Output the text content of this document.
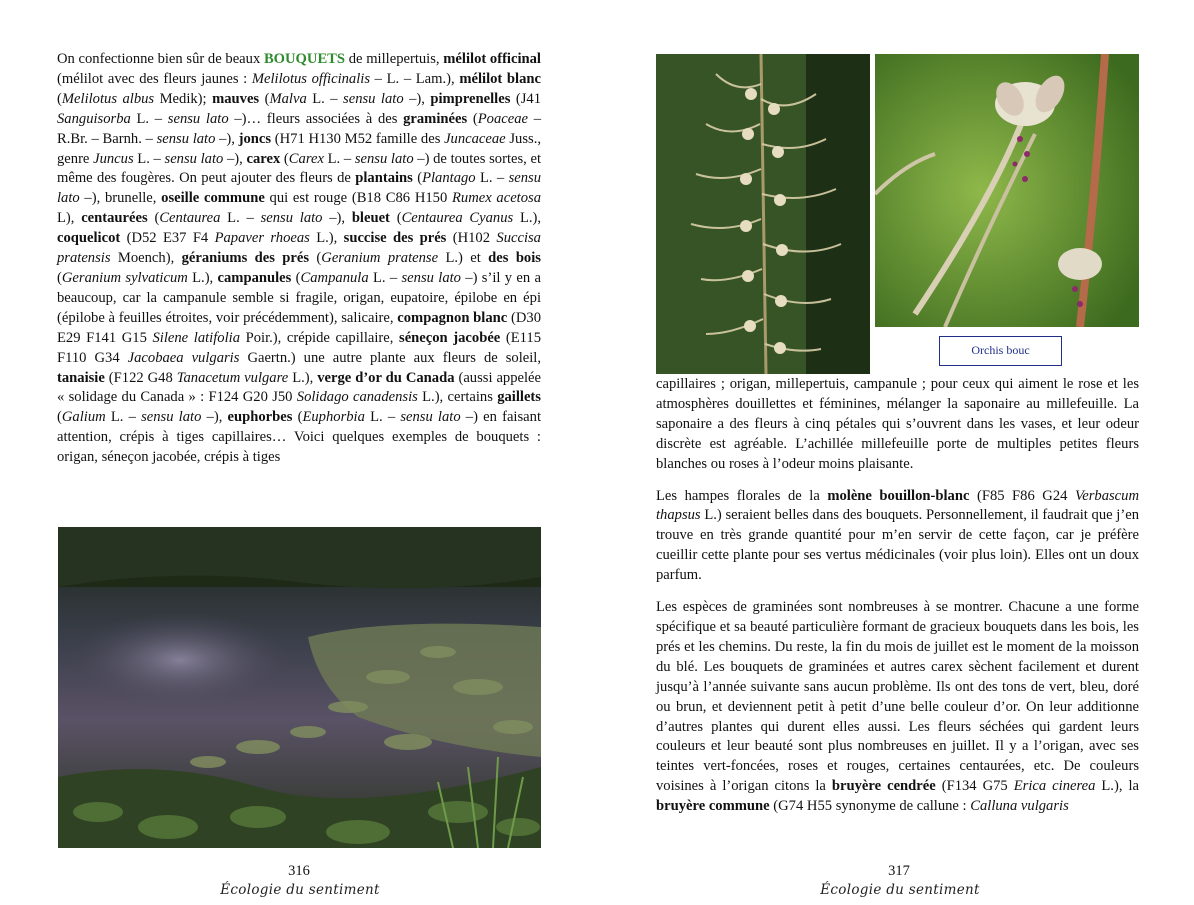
On confectionne bien sûr de beaux BOUQUETS de millepertuis, mélilot officinal (mélilot avec des fleurs jaunes : Melilotus officinalis – L. – Lam.), mélilot blanc (Melilotus albus Medik); mauves (Malva L. – sensu lato –), pimprenelles (J41 Sanguisorba L. – sensu lato –)… fleurs associées à des graminées (Poaceae – R.Br. – Barnh. – sensu lato –), joncs (H71 H130 M52 famille des Juncaceae Juss., genre Juncus L. – sensu lato –), carex (Carex L. – sensu lato –) de toutes sortes, et même des fougères. On peut ajouter des fleurs de plantains (Plantago L. – sensu lato –), brunelle, oseille commune qui est rouge (B18 C86 H150 Rumex acetosa L), centaurées (Centaurea L. – sensu lato –), bleuet (Centaurea Cyanus L.), coquelicot (D52 E37 F4 Papaver rhoeas L.), succise des prés (H102 Succisa pratensis Moench), géraniums des prés (Geranium pratense L.) et des bois (Geranium sylvaticum L.), campanules (Campanula L. – sensu lato –) s’il y en a beaucoup, car la campanule semble si fragile, origan, eupatoire, épilobe en épi (épilobe à feuilles étroites, voir précédemment), salicaire, compagnon blanc (D30 E29 F141 G15 Silene latifolia Poir.), crépide capillaire, séneçon jacobée (E115 F110 G34 Jacobaea vulgaris Gaertn.) une autre plante aux fleurs de soleil, tanaisie (F122 G48 Tanacetum vulgare L.), verge d’or du Canada (aussi appelée « solidage du Canada » : F124 G20 J50 Solidago canadensis L.), certains gaillets (Galium L. – sensu lato –), euphorbes (Euphorbia L. – sensu lato –) en faisant attention, crépis à tiges capillaires… Voici quelques exemples de bouquets : origan, séneçon jacobée, crépis à tiges

316
Écologie du sentiment
Orchis bouc

capillaires ; origan, millepertuis, campanule ; pour ceux qui aiment le rose et les atmosphères douillettes et féminines, mélanger la saponaire au millefeuille. La saponaire a des fleurs à cinq pétales qui s’ouvrent dans les vases, et leur odeur discrète est agréable. L’achillée millefeuille porte de multiples petites fleurs blanches ou roses à l’odeur moins plaisante.

Les hampes florales de la molène bouillon-blanc (F85 F86 G24 Verbascum thapsus L.) seraient belles dans des bouquets. Personnellement, il faudrait que j’en trouve en très grande quantité pour m’en servir de cette façon, car je préfère cueillir cette plante pour ses vertus médicinales (voir plus loin). Elles ont un doux parfum.

Les espèces de graminées sont nombreuses à se montrer. Chacune a une forme spécifique et sa beauté particulière formant de gracieux bouquets dans les bois, les prés et les chemins. Du reste, la fin du mois de juillet est le moment de la moisson du blé. Les bouquets de graminées et autres carex sèchent facilement et durent jusqu’à l’année suivante sans aucun problème. Ils ont des tons de vert, bleu, doré ou brun, et deviennent petit à petit d’une belle couleur d’or. On leur additionne d’autres plantes qui durent elles aussi. Les fleurs séchées qui gardent leurs couleurs et leur beauté sont plus nombreuses en juillet. Il y a l’origan, avec ses teintes vert-foncées, roses et rouges, certaines centaurées, etc. De couleurs voisines à l’origan citons la bruyère cendrée (F134 G75 Erica cinerea L.), la bruyère commune (G74 H55 synonyme de callune : Calluna vulgaris

317
Écologie du sentiment
